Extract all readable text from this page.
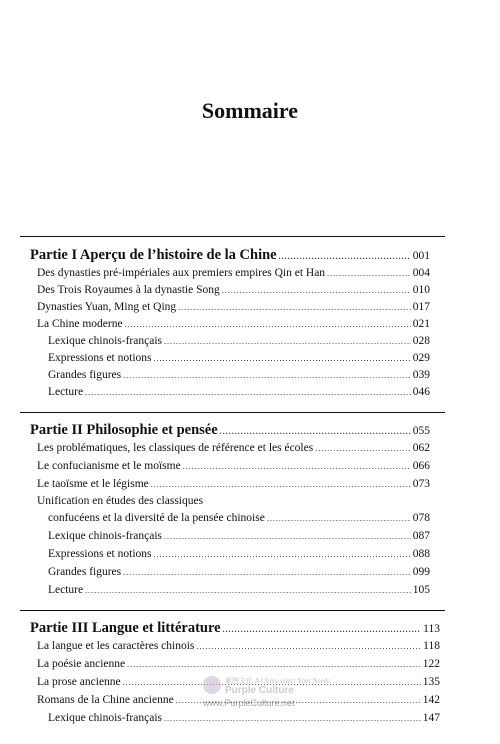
Sommaire
Partie I Aperçu de l’histoire de la Chine .....	001
Des dynasties pré-impériales aux premiers empires Qin et Han .....	004
Des Trois Royaumes à la dynastie Song .....	010
Dynasties Yuan, Ming et Qing .....	017
La Chine moderne .....	021
Lexique chinois-français .....	028
Expressions et notions .....	029
Grandes figures .....	039
Lecture .....	046
Partie II Philosophie et pensée .....	055
Les problématiques, les classiques de référence et les écoles .....	062
Le confucianisme et le moïsme .....	066
Le taoïsme et le légisme .....	073
Unification en études des classiques
confucéens et la diversité de la pensée chinoise .....	078
Lexique chinois-français .....	087
Expressions et notions .....	088
Grandes figures .....	099
Lecture .....	105
Partie III Langue et littérature .....	113
La langue et les caractères chinois .....	118
La poésie ancienne .....	122
La prose ancienne .....	135
Romans de la Chine ancienne .....	142
Lexique chinois-français .....	147
紫图文化 A China select Your Needs
Purple Culture
www.PurpleCulture.net
